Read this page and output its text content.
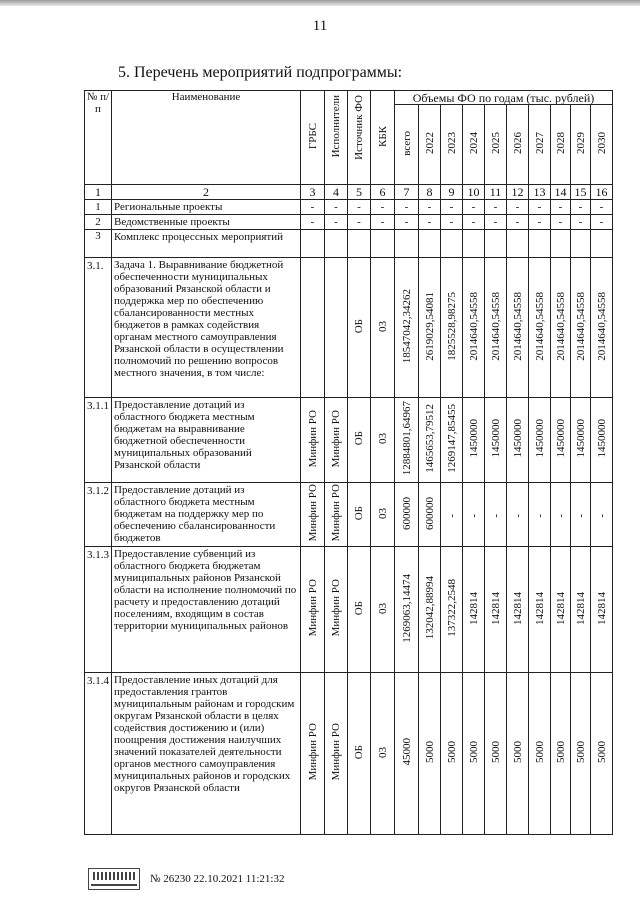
11
5. Перечень мероприятий подпрограммы:
№ п/п	Наименование	ГРБС	Исполнители	Источник ФО	КБК	Объемы ФО по годам (тыс. рублей)									
						всего	2022	2023	2024	2025	2026	2027	2028	2029	2030
1	2	3	4	5	6	7	8	9	10	11	12	13	14	15	16
1	Региональные проекты	-	-	-	-	-	-	-	-	-	-	-	-	-	-
2	Ведомственные проекты	-	-	-	-	-	-	-	-	-	-	-	-	-	-
3	Комплекс процессных мероприятий														
3.1.	Задача 1. Выравнивание бюджетной обеспеченности муниципальных образований Рязанской области и поддержка мер по обеспечению сбалансированности местных бюджетов в рамках содействия органам местного самоуправления Рязанской области в осуществлении полномочий по решению вопросов местного значения, в том числе:			ОБ	03	18547042,34262	2619029,54081	1825528,98275	2014640,54558	2014640,54558	2014640,54558	2014640,54558	2014640,54558	2014640,54558	2014640,54558
3.1.1	Предоставление дотаций из областного бюджета местным бюджетам на выравнивание бюджетной обеспеченности муниципальных образований Рязанской области	Минфин РО	Минфин РО	ОБ	03	12884801,64967	1465653,79512	1269147,85455	1450000	1450000	1450000	1450000	1450000	1450000	1450000
3.1.2	Предоставление дотаций из областного бюджета местным бюджетам на поддержку мер по обеспечению сбалансированности бюджетов	Минфин РО	Минфин РО	ОБ	03	600000	600000	-	-	-	-	-	-	-	-
3.1.3	Предоставление субвенций из областного бюджета бюджетам муниципальных районов Рязанской области на исполнение полномочий по расчету и предоставлению дотаций поселениям, входящим в состав территории муниципальных районов	Минфин РО	Минфин РО	ОБ	03	1269063,14474	132042,88994	137322,2548	142814	142814	142814	142814	142814	142814	142814
3.1.4	Предоставление иных дотаций для предоставления грантов муниципальным районам и городским округам Рязанской области в целях содействия достижению и (или) поощрения достижения наилучших значений показателей деятельности органов местного самоуправления муниципальных районов и городских округов Рязанской области	Минфин РО	Минфин РО	ОБ	03	45000	5000	5000	5000	5000	5000	5000	5000	5000	5000
№ 26230 22.10.2021 11:21:32
